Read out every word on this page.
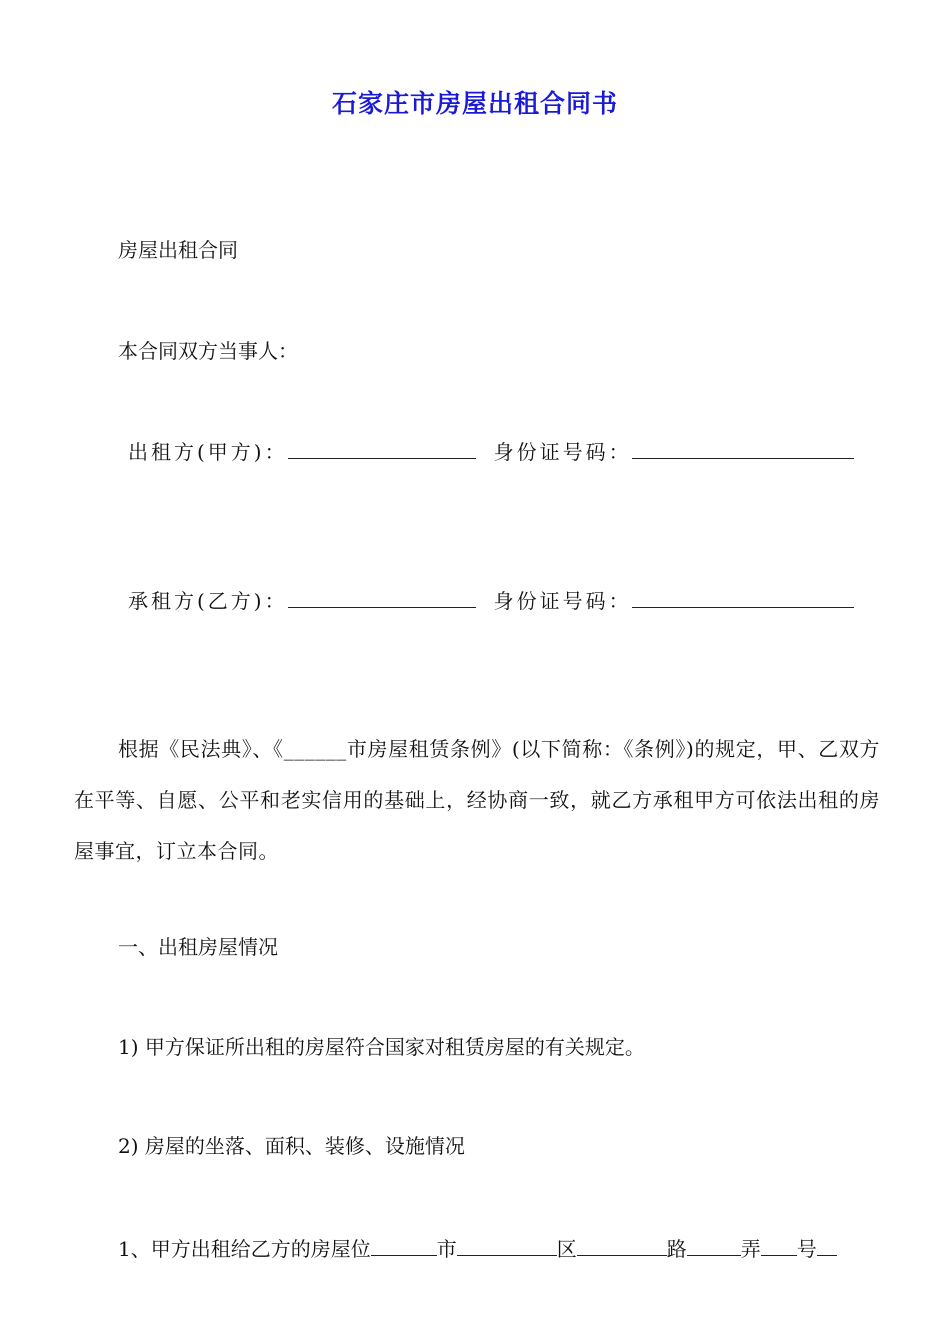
石家庄市房屋出租合同书
房屋出租合同
本合同双方当事人：
出租方(甲方)：	身份证号码：
承租方(乙方)：	身份证号码：
根据《民法典》、《______市房屋租赁条例》(以下简称：《条例》)的规定，甲、乙双方在平等、自愿、公平和老实信用的基础上，经协商一致，就乙方承租甲方可依法出租的房屋事宜，订立本合同。
一、出租房屋情况
1) 甲方保证所出租的房屋符合国家对租赁房屋的有关规定。
2) 房屋的坐落、面积、装修、设施情况
1、甲方出租给乙方的房屋位	市	区	路	弄 号
